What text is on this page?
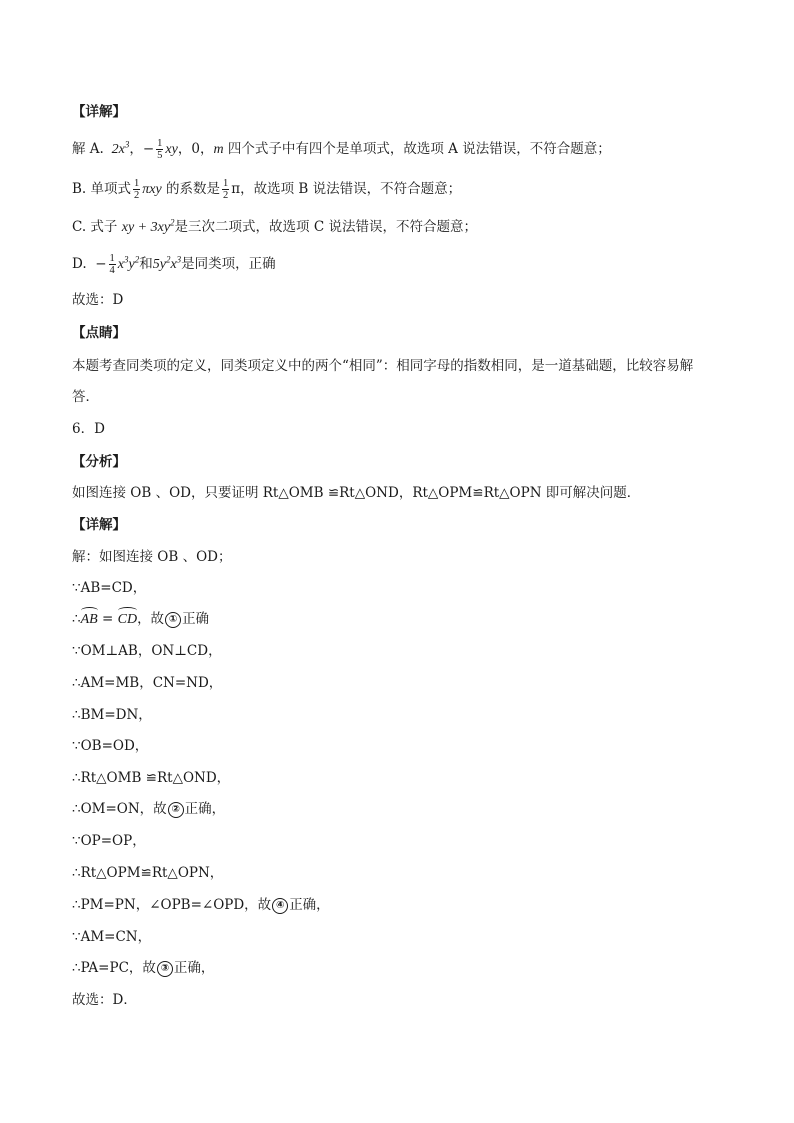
【详解】
解 A.  $2x^3$，− $\frac{1}{5}$ xy，0，m 四个式子中有四个是单项式，故选项 A 说法错误，不符合题意；
B. 单项式 $\frac{1}{2}$ πxy 的系数是 $\frac{1}{2}$ π，故选项 B 说法错误，不符合题意；
C. 式子 xy + $3xy^2$是三次二项式，故选项 C 说法错误，不符合题意；
D.  − $\frac{1}{4} x^3y^2$和$5y^2x^3$是同类项，正确
故选：D
【点睛】
本题考查同类项的定义，同类项定义中的两个“相同”：相同字母的指数相同，是一道基础题，比较容易解
答．
6．D
【分析】
如图连接 OB 、OD，只要证明 Rt△OMB ≌Rt△OND，Rt△OPM≌Rt△OPN 即可解决问题．
【详解】
解：如图连接 OB 、OD；
∵AB=CD，
∴AB = CD，故 ① 正确
∵OM⊥AB，ON⊥CD，
∴AM=MB，CN=ND，
∴BM=DN，
∵OB=OD，
∴Rt△OMB ≌Rt△OND，
∴OM=ON，故 ② 正确，
∵OP=OP，
∴Rt△OPM≌Rt△OPN，
∴PM=PN，∠OPB=∠OPD，故 ④ 正确，
∵AM=CN，
∴PA=PC，故 ③ 正确，
故选：D．
